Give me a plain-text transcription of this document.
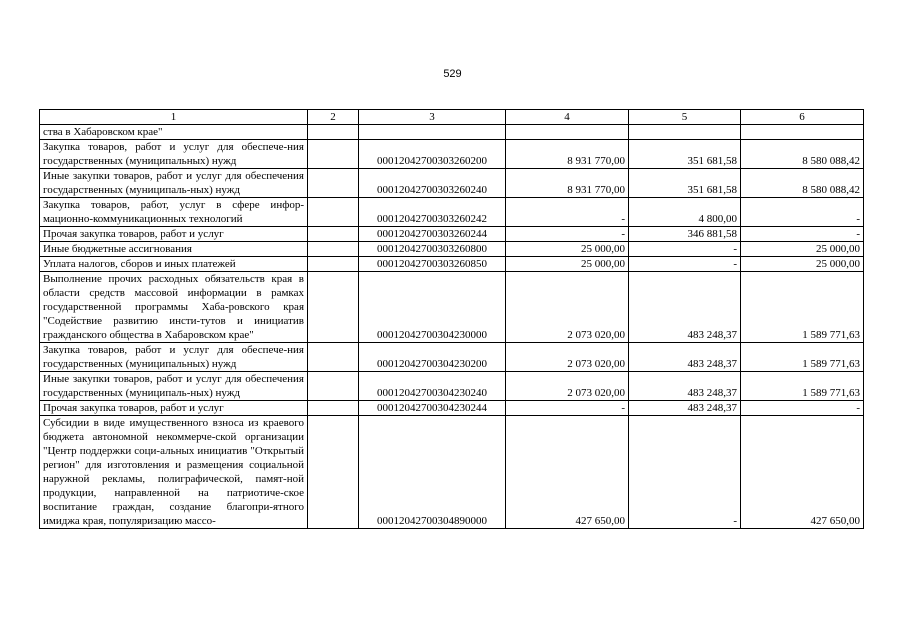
529
1	2	3	4	5	6
ства в Хабаровском крае"					
Закупка товаров, работ и услуг для обеспече-ния государственных (муниципальных) нужд		00012042700303260200	8 931 770,00	351 681,58	8 580 088,42
Иные закупки товаров, работ и услуг для обеспечения государственных (муниципаль-ных) нужд		00012042700303260240	8 931 770,00	351 681,58	8 580 088,42
Закупка товаров, работ, услуг в сфере инфор-мационно-коммуникационных технологий		00012042700303260242	-	4 800,00	-
Прочая закупка товаров, работ и услуг		00012042700303260244	-	346 881,58	-
Иные бюджетные ассигнования		00012042700303260800	25 000,00	-	25 000,00
Уплата налогов, сборов и иных платежей		00012042700303260850	25 000,00	-	25 000,00
Выполнение прочих расходных обязательств края в области средств массовой информации в рамках государственной программы Хаба-ровского края "Содействие развитию инсти-тутов и инициатив гражданского общества в Хабаровском крае"		00012042700304230000	2 073 020,00	483 248,37	1 589 771,63
Закупка товаров, работ и услуг для обеспече-ния государственных (муниципальных) нужд		00012042700304230200	2 073 020,00	483 248,37	1 589 771,63
Иные закупки товаров, работ и услуг для обеспечения государственных (муниципаль-ных) нужд		00012042700304230240	2 073 020,00	483 248,37	1 589 771,63
Прочая закупка товаров, работ и услуг		00012042700304230244	-	483 248,37	-
Субсидии в виде имущественного взноса из краевого бюджета автономной некоммерче-ской организации "Центр поддержки соци-альных инициатив "Открытый регион" для изготовления и размещения социальной наружной рекламы, полиграфической, памят-ной продукции, направленной на патриотиче-ское воспитание граждан, создание благопри-ятного имиджа края, популяризацию массо-		00012042700304890000	427 650,00	-	427 650,00
